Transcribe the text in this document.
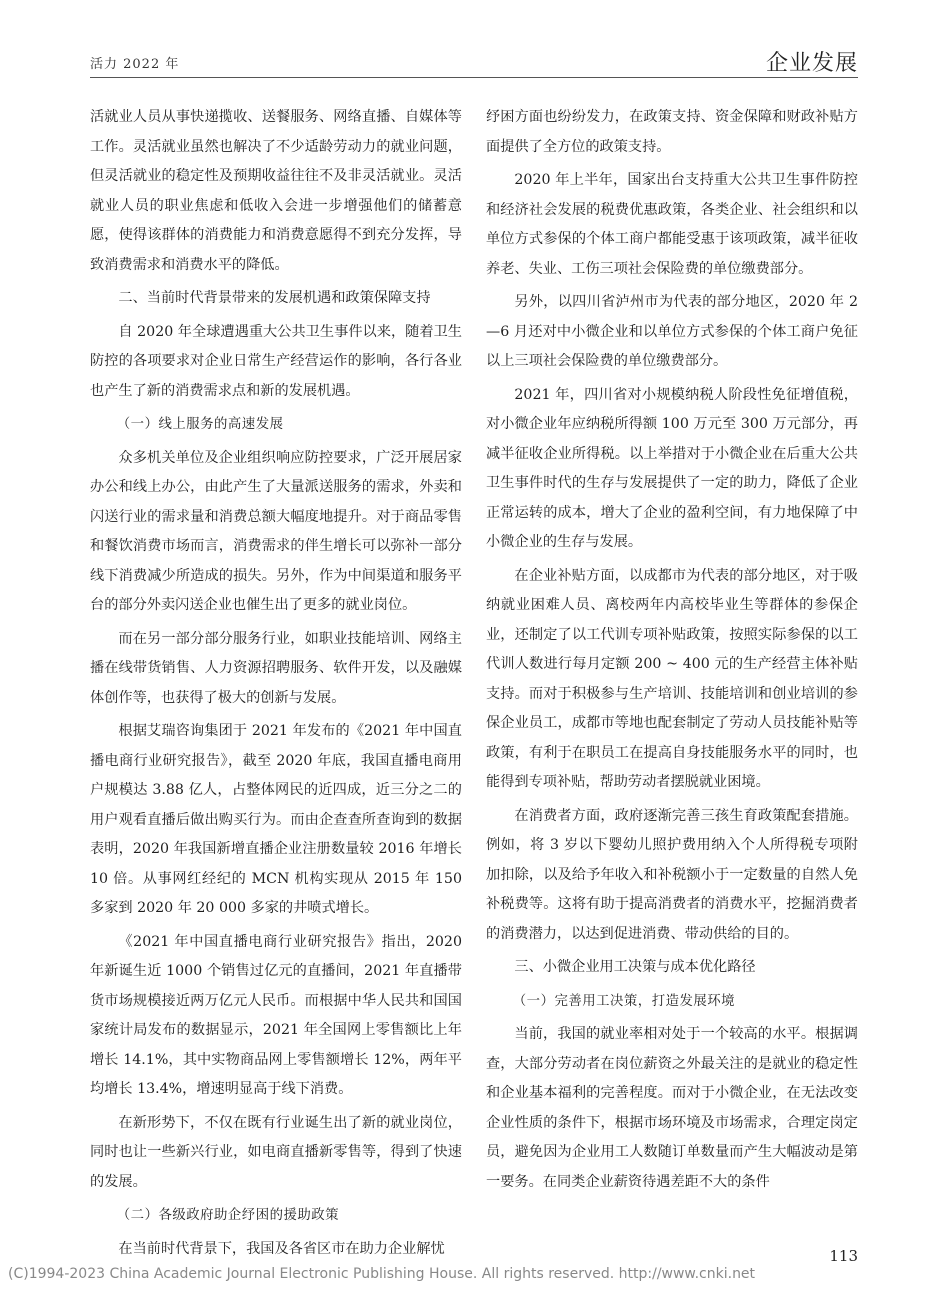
活力 2022 年	企业发展

活就业人员从事快递揽收、送餐服务、网络直播、自媒体等工作。灵活就业虽然也解决了不少适龄劳动力的就业问题，但灵活就业的稳定性及预期收益往往不及非灵活就业。灵活就业人员的职业焦虑和低收入会进一步增强他们的储蓄意愿，使得该群体的消费能力和消费意愿得不到充分发挥，导致消费需求和消费水平的降低。

二、当前时代背景带来的发展机遇和政策保障支持

自 2020 年全球遭遇重大公共卫生事件以来，随着卫生防控的各项要求对企业日常生产经营运作的影响，各行各业也产生了新的消费需求点和新的发展机遇。

（一）线上服务的高速发展

众多机关单位及企业组织响应防控要求，广泛开展居家办公和线上办公，由此产生了大量派送服务的需求，外卖和闪送行业的需求量和消费总额大幅度地提升。对于商品零售和餐饮消费市场而言，消费需求的伴生增长可以弥补一部分线下消费减少所造成的损失。另外，作为中间渠道和服务平台的部分外卖闪送企业也催生出了更多的就业岗位。

而在另一部分部分服务行业，如职业技能培训、网络主播在线带货销售、人力资源招聘服务、软件开发，以及融媒体创作等，也获得了极大的创新与发展。

根据艾瑞咨询集团于 2021 年发布的《2021 年中国直播电商行业研究报告》，截至 2020 年底，我国直播电商用户规模达 3.88 亿人，占整体网民的近四成，近三分之二的用户观看直播后做出购买行为。而由企查查所查询到的数据表明，2020 年我国新增直播企业注册数量较 2016 年增长 10 倍。从事网红经纪的 MCN 机构实现从 2015 年 150 多家到 2020 年 20 000 多家的井喷式增长。

《2021 年中国直播电商行业研究报告》指出，2020 年新诞生近 1000 个销售过亿元的直播间，2021 年直播带货市场规模接近两万亿元人民币。而根据中华人民共和国国家统计局发布的数据显示，2021 年全国网上零售额比上年增长 14.1%，其中实物商品网上零售额增长 12%，两年平均增长 13.4%，增速明显高于线下消费。

在新形势下，不仅在既有行业诞生出了新的就业岗位，同时也让一些新兴行业，如电商直播新零售等，得到了快速的发展。

（二）各级政府助企纾困的援助政策

在当前时代背景下，我国及各省区市在助力企业解忧

纾困方面也纷纷发力，在政策支持、资金保障和财政补贴方面提供了全方位的政策支持。

2020 年上半年，国家出台支持重大公共卫生事件防控和经济社会发展的税费优惠政策，各类企业、社会组织和以单位方式参保的个体工商户都能受惠于该项政策，减半征收养老、失业、工伤三项社会保险费的单位缴费部分。

另外，以四川省泸州市为代表的部分地区，2020 年 2—6 月还对中小微企业和以单位方式参保的个体工商户免征以上三项社会保险费的单位缴费部分。

2021 年，四川省对小规模纳税人阶段性免征增值税，对小微企业年应纳税所得额 100 万元至 300 万元部分，再减半征收企业所得税。以上举措对于小微企业在后重大公共卫生事件时代的生存与发展提供了一定的助力，降低了企业正常运转的成本，增大了企业的盈利空间，有力地保障了中小微企业的生存与发展。

在企业补贴方面，以成都市为代表的部分地区，对于吸纳就业困难人员、离校两年内高校毕业生等群体的参保企业，还制定了以工代训专项补贴政策，按照实际参保的以工代训人数进行每月定额 200 ~ 400 元的生产经营主体补贴支持。而对于积极参与生产培训、技能培训和创业培训的参保企业员工，成都市等地也配套制定了劳动人员技能补贴等政策，有利于在职员工在提高自身技能服务水平的同时，也能得到专项补贴，帮助劳动者摆脱就业困境。

在消费者方面，政府逐渐完善三孩生育政策配套措施。例如，将 3 岁以下婴幼儿照护费用纳入个人所得税专项附加扣除，以及给予年收入和补税额小于一定数量的自然人免补税费等。这将有助于提高消费者的消费水平，挖掘消费者的消费潜力，以达到促进消费、带动供给的目的。

三、小微企业用工决策与成本优化路径

（一）完善用工决策，打造发展环境

当前，我国的就业率相对处于一个较高的水平。根据调查，大部分劳动者在岗位薪资之外最关注的是就业的稳定性和企业基本福利的完善程度。而对于小微企业，在无法改变企业性质的条件下，根据市场环境及市场需求，合理定岗定员，避免因为企业用工人数随订单数量而产生大幅波动是第一要务。在同类企业薪资待遇差距不大的条件

113
(C)1994-2023 China Academic Journal Electronic Publishing House. All rights reserved. http://www.cnki.net
